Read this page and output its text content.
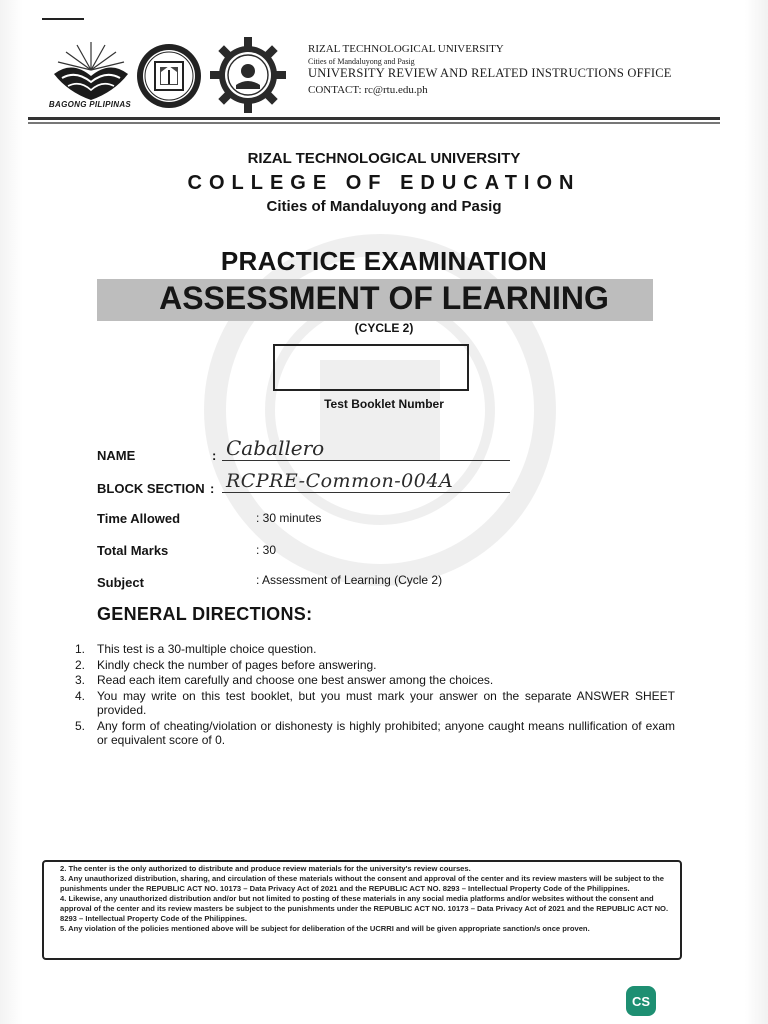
BAGONG PILIPINAS
RIZAL TECHNOLOGICAL UNIVERSITY
Cities of Mandaluyong and Pasig
UNIVERSITY REVIEW AND RELATED INSTRUCTIONS OFFICE
CONTACT: rc@rtu.edu.ph
RIZAL TECHNOLOGICAL UNIVERSITY
COLLEGE OF EDUCATION
Cities of Mandaluyong and Pasig
PRACTICE EXAMINATION
ASSESSMENT OF LEARNING
(CYCLE 2)
Test Booklet Number
NAME	: Caballero
BLOCK SECTION : RCPRE-Common-004A
Time Allowed	: 30 minutes
Total Marks	: 30
Subject	: Assessment of Learning (Cycle 2)
GENERAL DIRECTIONS:
1. This test is a 30-multiple choice question.
2. Kindly check the number of pages before answering.
3. Read each item carefully and choose one best answer among the choices.
4. You may write on this test booklet, but you must mark your answer on the separate ANSWER SHEET provided.
5. Any form of cheating/violation or dishonesty is highly prohibited; anyone caught means nullification of exam or equivalent score of 0.

2. The center is the only authorized to distribute and produce review materials for the university's review courses.

3. Any unauthorized distribution, sharing, and circulation of these materials without the consent and approval of the center and its review masters will be subject to the punishments under the REPUBLIC ACT NO. 10173 – Data Privacy Act of 2021 and the REPUBLIC ACT NO. 8293 – Intellectual Property Code of the Philippines.

4. Likewise, any unauthorized distribution and/or but not limited to posting of these materials in any social media platforms and/or websites without the consent and approval of the center and its review masters be subject to the punishments under the REPUBLIC ACT NO. 10173 – Data Privacy Act of 2021 and the REPUBLIC ACT NO. 8293 – Intellectual Property Code of the Philippines.

5. Any violation of the policies mentioned above will be subject for deliberation of the UCRRI and will be given appropriate sanction/s once proven.

CS
